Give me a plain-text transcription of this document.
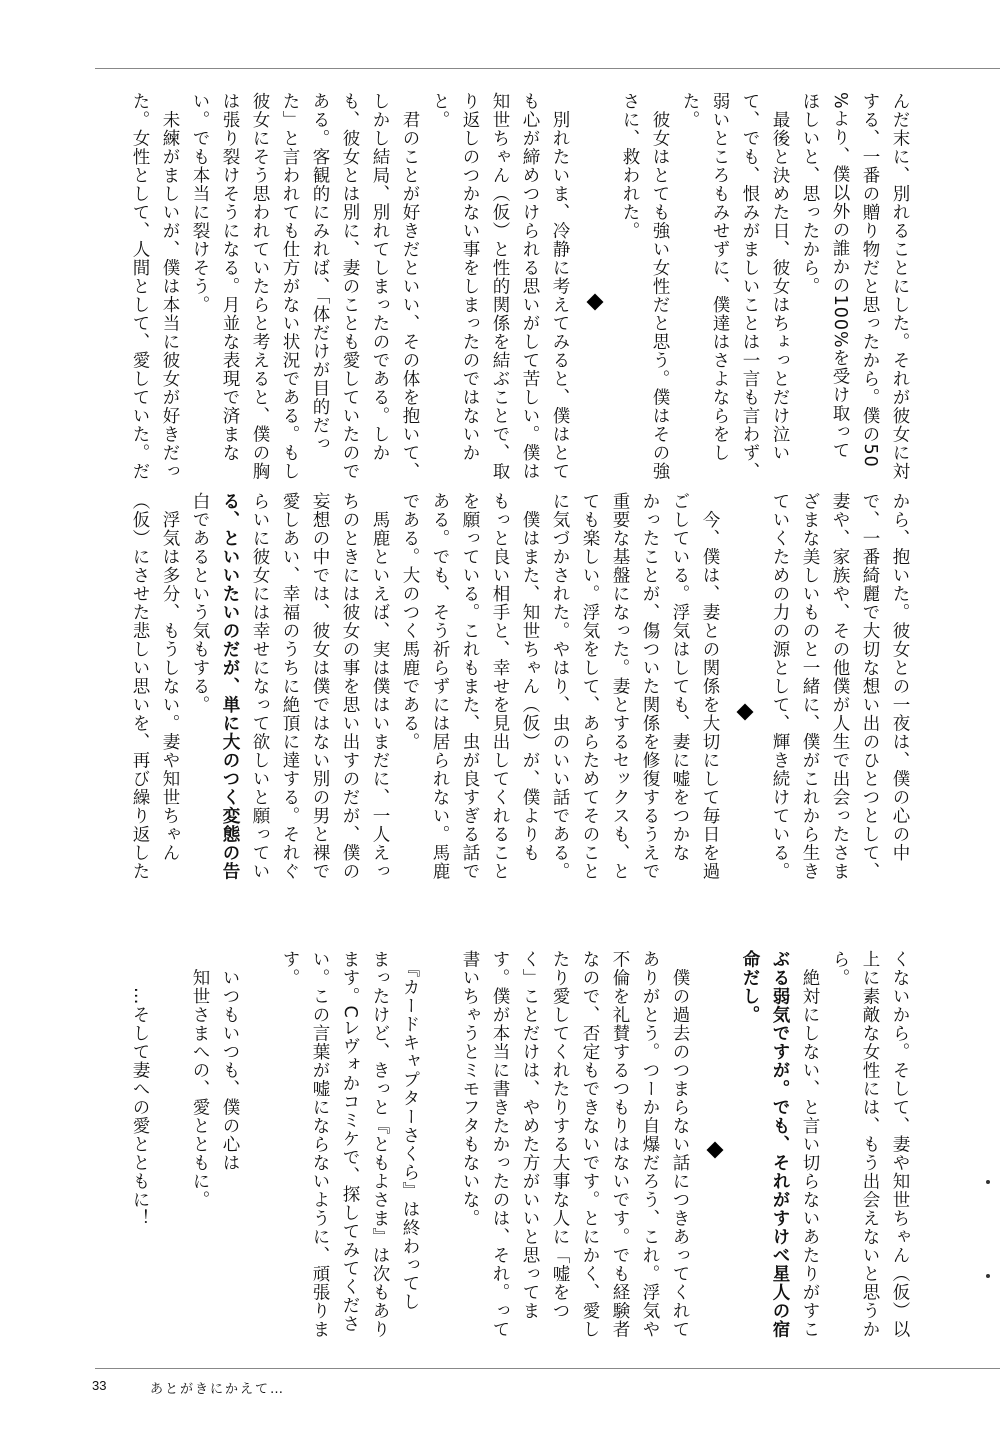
んだ末に、別れることにした。それが彼女に対
する、一番の贈り物だと思ったから。僕の50
%より、僕以外の誰かの100%を受け取って
ほしいと、思ったから。
　最後と決めた日、彼女はちょっとだけ泣い
て、でも、恨みがましいことは一言も言わず、
弱いところもみせずに、僕達はさよならをし
た。
　彼女はとても強い女性だと思う。僕はその強
さに、救われた。
　別れたいま、冷静に考えてみると、僕はとて
も心が締めつけられる思いがして苦しい。僕は
知世ちゃん（仮）と性的関係を結ぶことで、取
り返しのつかない事をしまったのではないか
と。
　君のことが好きだといい、その体を抱いて、
しかし結局、別れてしまったのである。しか
も、彼女とは別に、妻のことも愛していたので
ある。客観的にみれば、「体だけが目的だっ
た」と言われても仕方がない状況である。もし
彼女にそう思われていたらと考えると、僕の胸
は張り裂けそうになる。月並な表現で済まな
い。でも本当に裂けそう。
　未練がましいが、僕は本当に彼女が好きだっ
た。女性として、人間として、愛していた。だ
から、抱いた。彼女との一夜は、僕の心の中
で、一番綺麗で大切な想い出のひとつとして、
妻や、家族や、その他僕が人生で出会ったさま
ざまな美しいものと一緒に、僕がこれから生き
ていくための力の源として、輝き続けている。
　今、僕は、妻との関係を大切にして毎日を過
ごしている。浮気はしても、妻に嘘をつかな
かったことが、傷ついた関係を修復するうえで
重要な基盤になった。妻とするセックスも、と
ても楽しい。浮気をして、あらためてそのこと
に気づかされた。やはり、虫のいい話である。
　僕はまた、知世ちゃん（仮）が、僕よりも
もっと良い相手と、幸せを見出してくれること
を願っている。これもまた、虫が良すぎる話で
ある。でも、そう祈らずには居られない。馬鹿
である。大のつく馬鹿である。
　馬鹿といえば、実は僕はいまだに、一人えっ
ちのときには彼女の事を思い出すのだが、僕の
妄想の中では、彼女は僕ではない別の男と裸で
愛しあい、幸福のうちに絶頂に達する。それぐ
らいに彼女には幸せになって欲しいと願ってい
る、といいたいのだが、単に大のつく変態の告
白であるという気もする。
　浮気は多分、もうしない。妻や知世ちゃん
（仮）にさせた悲しい思いを、再び繰り返した
くないから。そして、妻や知世ちゃん（仮）以
上に素敵な女性には、もう出会えないと思うか
ら。
　絶対にしない、と言い切らないあたりがすこ
ぶる弱気ですが。でも、それがすけべ星人の宿
命だし。
　僕の過去のつまらない話につきあってくれて
ありがとう。つーか自爆だろう、これ。浮気や
不倫を礼賛するつもりはないです。でも経験者
なので、否定もできないです。とにかく、愛し
たり愛してくれたりする大事な人に「嘘をつ
く」ことだけは、やめた方がいいと思ってま
す。僕が本当に書きたかったのは、それ。って
書いちゃうとミモフタもないな。
　『カードキャプターさくら』は終わってし
まったけど、きっと『ともよさま』は次もあり
ます。Cレヴォかコミケで、探してみてくださ
い。この言葉が嘘にならないように、頑張りま
す。
　いつもいつも、僕の心は
　知世さまへの、愛とともに。
　　…そして妻への愛とともに！
33	あとがきにかえて…
